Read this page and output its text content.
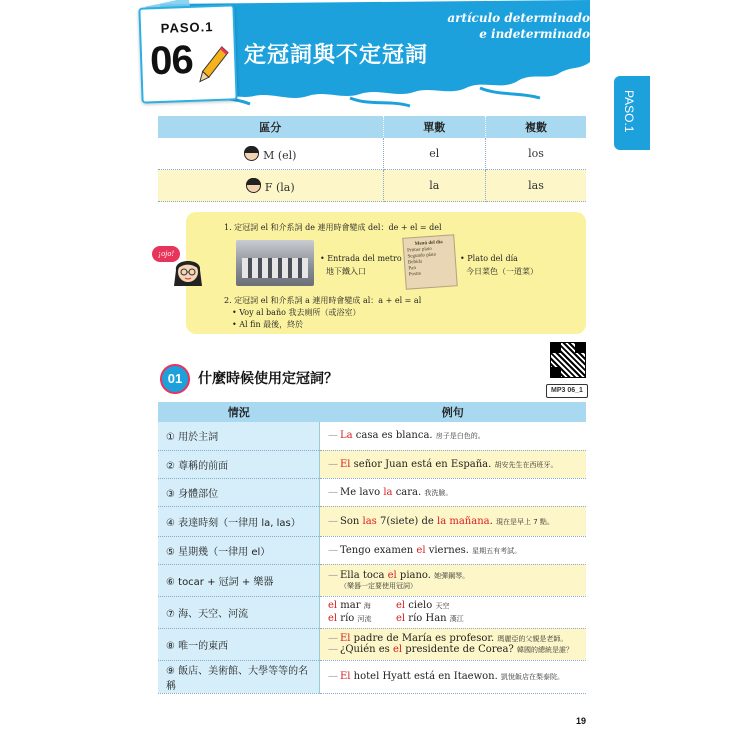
PASO.1
06 定冠詞與不定冠詞
artículo determinado
e indeterminado
PASO.1
區分	單數	複數
M (el)	el	los
F (la)	la	las
¡ojo!
1. 定冠詞 el 和介系詞 de 連用時會變成 del：de + el = del
• Entrada del metro
地下鐵入口
Menú del día
Primer plato
Segundo plato
Bebida
Pan
Postre
• Plato del día
今日菜色（一道菜）
2. 定冠詞 el 和介系詞 a 連用時會變成 al：a + el = al
• Voy al baño 我去廁所（或浴室）
• Al fin 最後，終於
01	什麼時候使用定冠詞？
MP3 06_1
情況	例句
① 用於主詞	— La casa es blanca. 房子是白色的。

② 尊稱的前面	— El señor Juan está en España. 胡安先生在西班牙。

③ 身體部位	— Me lavo la cara. 我洗臉。

④ 表達時刻（一律用 la, las）	— Son las 7(siete) de la mañana. 現在是早上 7 點。

⑤ 星期幾（一律用 el）	— Tengo examen el viernes. 星期五有考試。

⑥ tocar + 冠詞 + 樂器	— Ella toca el piano. 她彈鋼琴。
（樂器一定要使用冠詞）

⑦ 海、天空、河流	el mar 海 el cielo 天空
el río 河流 el río Han 漢江

⑧ 唯一的東西	— El padre de María es profesor. 瑪麗亞的父親是老師。
— ¿Quién es el presidente de Corea? 韓國的總統是誰？

⑨ 飯店、美術館、大學等等的名稱	— El hotel Hyatt está en Itaewon. 凱悅飯店在梨泰院。
19
